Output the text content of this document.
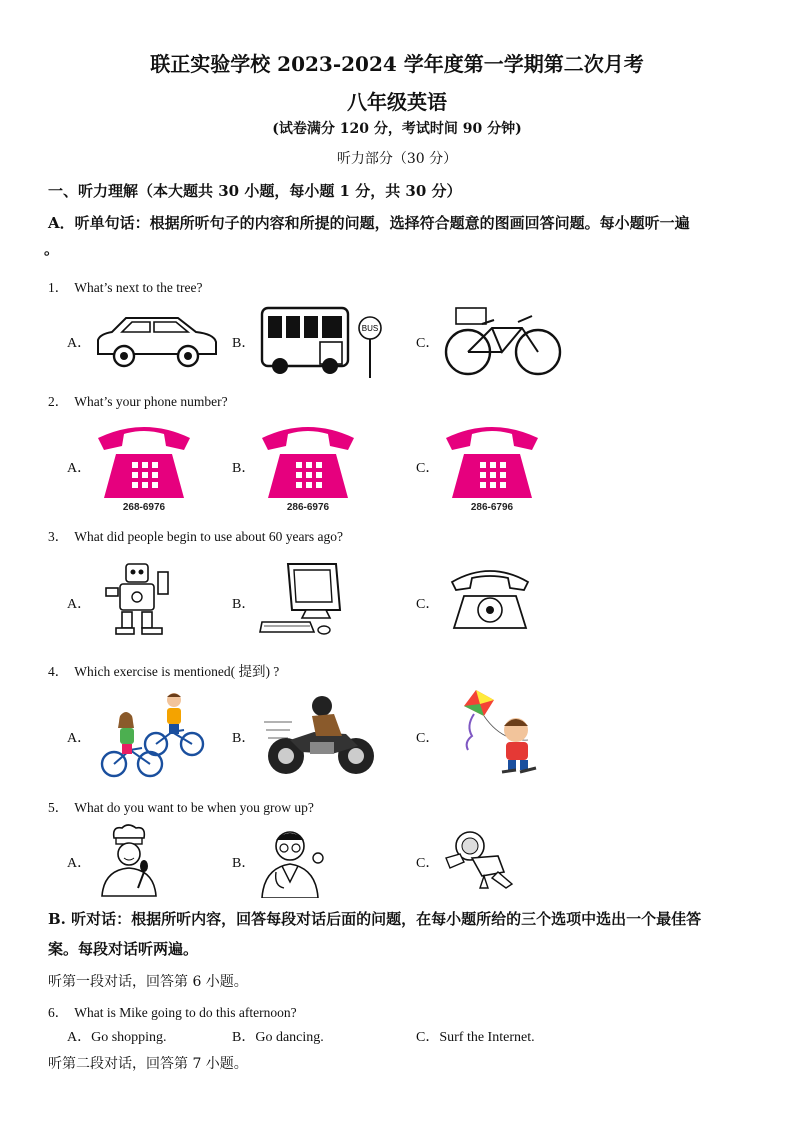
联正实验学校 2023-2024 学年度第一学期第二次月考
八年级英语
(试卷满分 120 分，考试时间 90 分钟)
听力部分（30 分）
一、听力理解（本大题共 30 小题，每小题 1 分，共 30 分）
A．听单句话：根据所听句子的内容和所提的问题，选择符合题意的图画回答问题。每小题听一遍
。
1． What’s next to the tree?
A．	B．	C．
BUS
2． What’s your phone number?
A．	B．	C．
268-6976	286-6976	286-6796
3． What did people begin to use about 60 years ago?
A．	B．	C．
4． Which exercise is mentioned( 提到) ?
A．	B．	C．
5． What do you want to be when you grow up?
A．	B．	C．
B. 听对话：根据所听内容，回答每段对话后面的问题，在每小题所给的三个选项中选出一个最佳答
案。每段对话听两遍。
听第一段对话，回答第 6 小题。
6． What is Mike going to do this afternoon?
A．Go shopping.	B．Go dancing.	C．Surf the Internet.
听第二段对话，回答第 7 小题。
